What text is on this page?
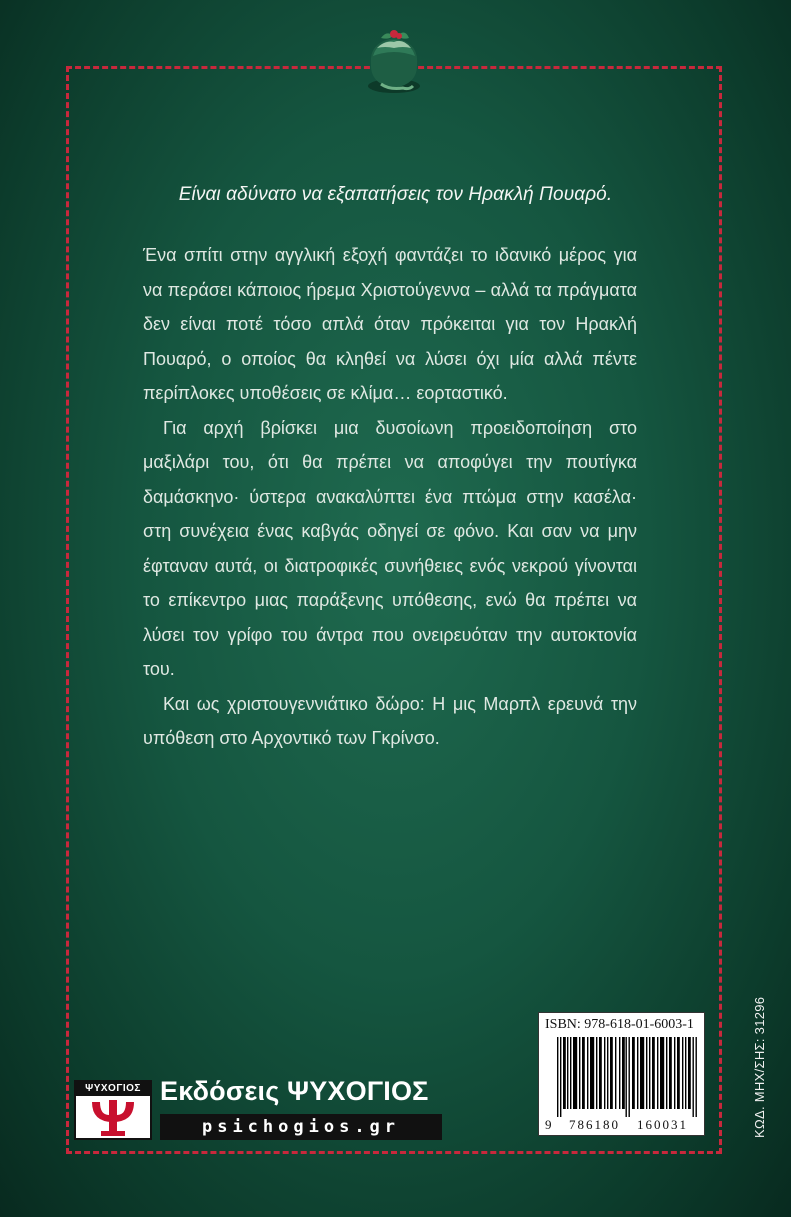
Είναι αδύνατο να εξαπατήσεις τον Ηρακλή Πουαρό.

Ένα σπίτι στην αγγλική εξοχή φαντάζει το ιδανικό μέρος για να περάσει κάποιος ήρεμα Χριστούγεννα – αλλά τα πράγματα δεν είναι ποτέ τόσο απλά όταν πρόκειται για τον Ηρακλή Πουαρό, ο οποίος θα κληθεί να λύσει όχι μία αλλά πέντε περίπλοκες υποθέσεις σε κλίμα… εορταστικό.

Για αρχή βρίσκει μια δυσοίωνη προειδοποίηση στο μαξιλάρι του, ότι θα πρέπει να αποφύγει την πουτίγκα δαμάσκηνο· ύστερα ανακαλύπτει ένα πτώμα στην κασέλα· στη συνέχεια ένας καβγάς οδηγεί σε φόνο. Και σαν να μην έφταναν αυτά, οι διατροφικές συνήθειες ενός νεκρού γίνονται το επίκεντρο μιας παράξενης υπόθεσης, ενώ θα πρέπει να λύσει τον γρίφο του άντρα που ονειρευόταν την αυτοκτονία του.

Και ως χριστουγεννιάτικο δώρο: Η μις Μαρπλ ερευνά την υπόθεση στο Αρχοντικό των Γκρίνσο.

ISBN: 978-618-01-6003-1
9 786180 160031	ΚΩΔ. ΜΗΧ/ΣΗΣ: 31296
ΨΥΧΟΓΙΟΣ Εκδόσεις ΨΥΧΟΓΙΟΣ
psichogios.gr
